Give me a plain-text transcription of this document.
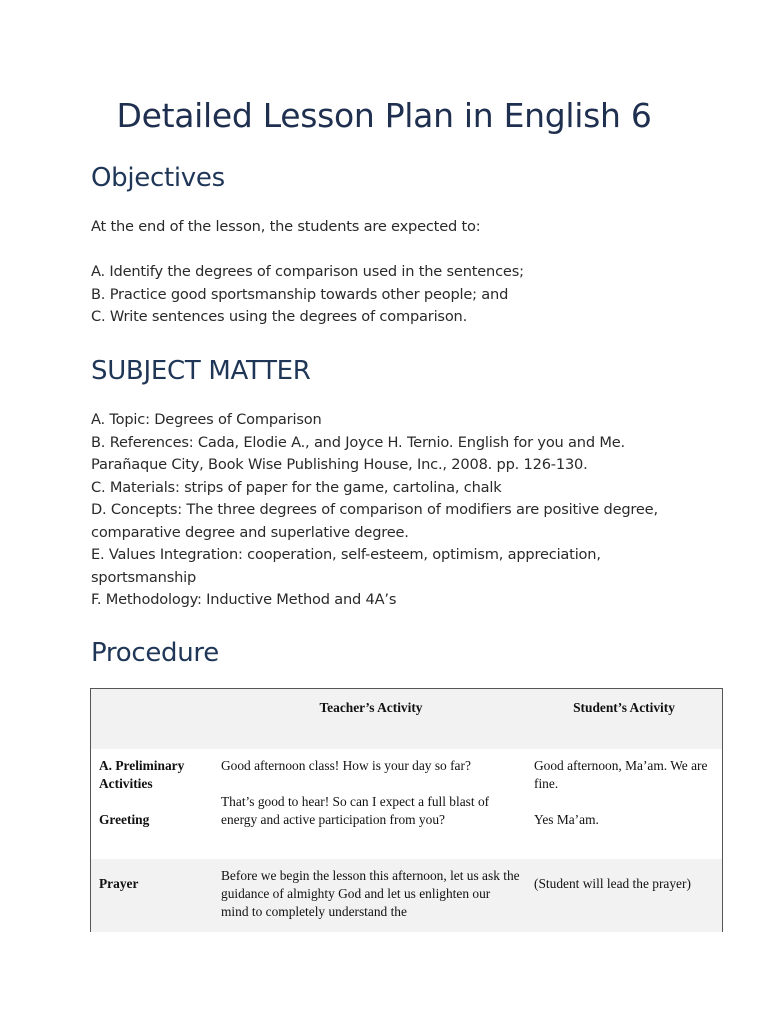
Detailed Lesson Plan in English 6
Objectives

At the end of the lesson, the students are expected to:

A. Identify the degrees of comparison used in the sentences;
B. Practice good sportsmanship towards other people; and
C. Write sentences using the degrees of comparison.
SUBJECT MATTER
A. Topic: Degrees of Comparison
B. References: Cada, Elodie A., and Joyce H. Ternio. English for you and Me. Parañaque City, Book Wise Publishing House, Inc., 2008. pp. 126-130.
C. Materials: strips of paper for the game, cartolina, chalk
D. Concepts: The three degrees of comparison of modifiers are positive degree, comparative degree and superlative degree.
E. Values Integration: cooperation, self-esteem, optimism, appreciation, sportsmanship
F. Methodology: Inductive Method and 4A’s
Procedure
Teacher’s Activity	Student’s Activity
A. Preliminary Activities
Greeting
Good afternoon class! How is your day so far?
That’s good to hear! So can I expect a full blast of energy and active participation from you?
Good afternoon, Ma’am. We are fine.
Yes Ma’am.
Prayer
Before we begin the lesson this afternoon, let us ask the guidance of almighty God and let us enlighten our mind to completely understand the
(Student will lead the prayer)
